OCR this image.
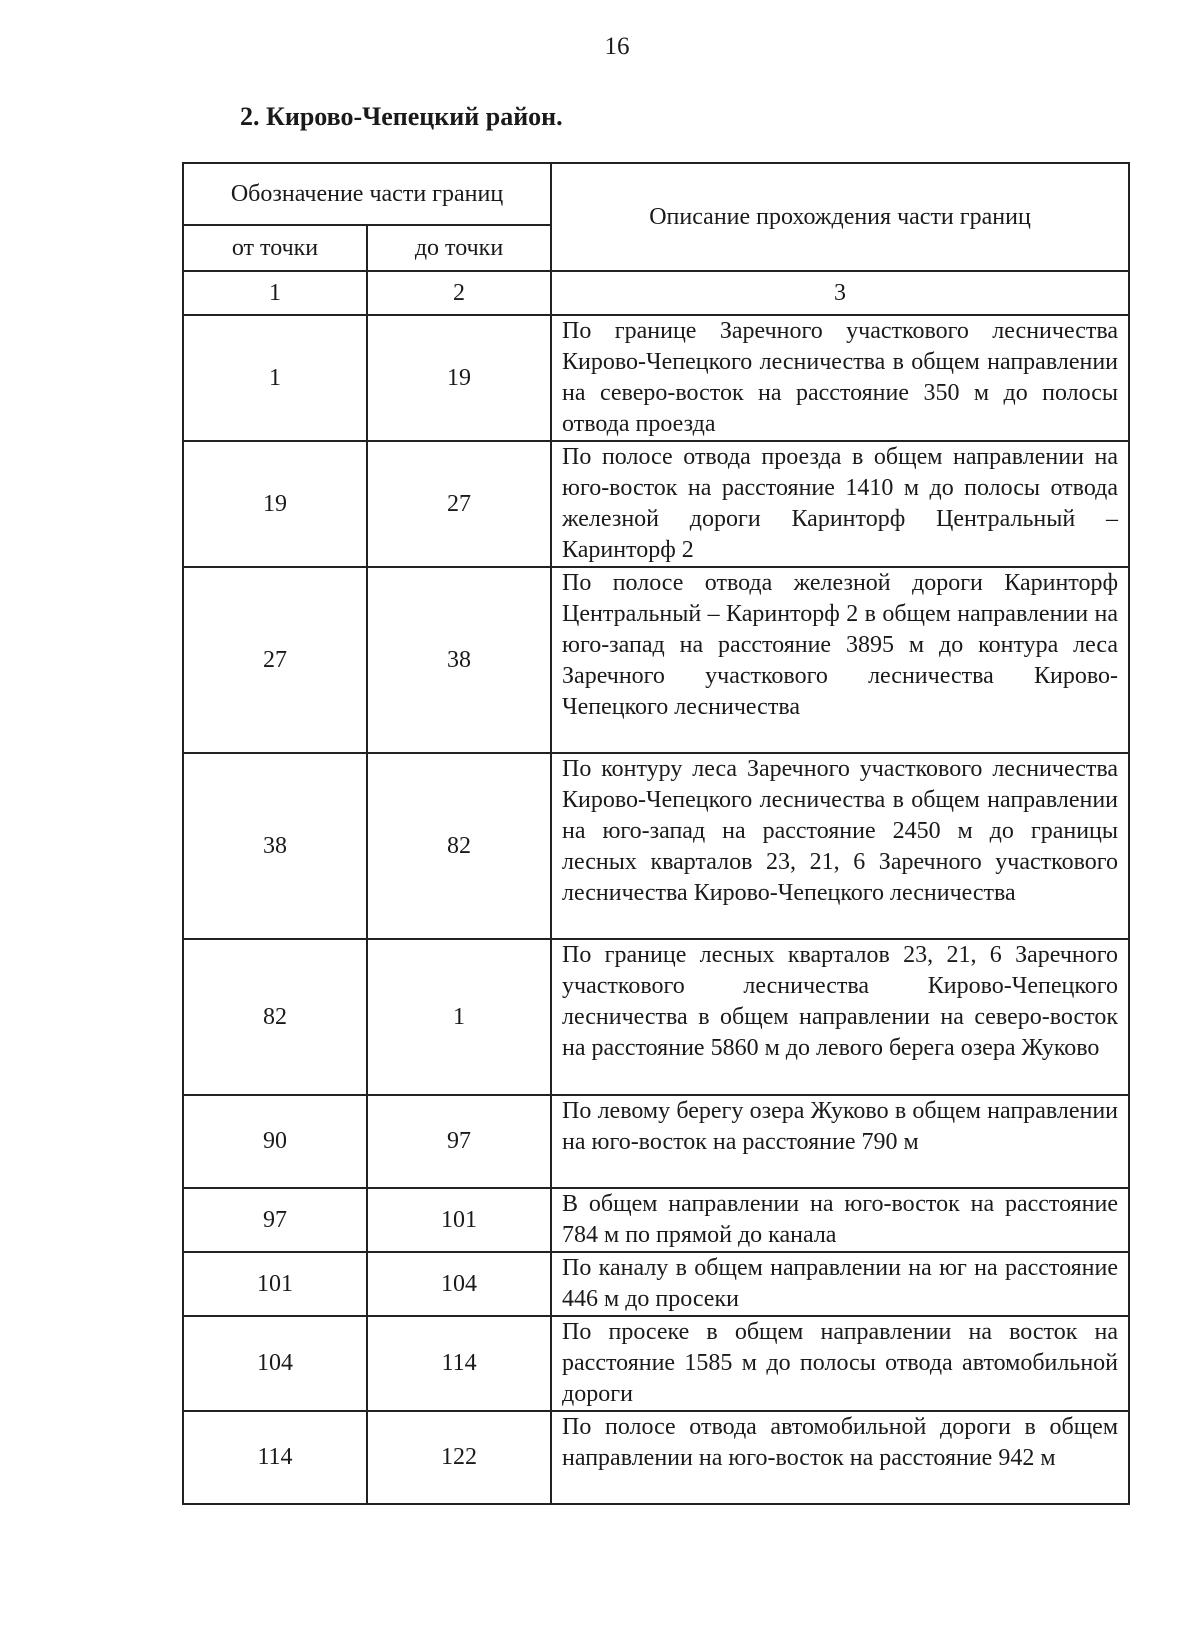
16
2. Кирово-Чепецкий район.
Обозначение части границ		Описание прохождения части границ
от точки	до точки	
1	2	3
1	19	По границе Заречного участкового лесничества Кирово-Чепецкого лесничества в общем направлении на северо-восток на расстояние 350 м до полосы отвода проезда
19	27	По полосе отвода проезда в общем направлении на юго-восток на расстояние 1410 м до полосы отвода железной дороги Каринторф Центральный – Каринторф 2
27	38	По полосе отвода железной дороги Каринторф Центральный – Каринторф 2 в общем направлении на юго-запад на расстояние 3895 м до контура леса Заречного участкового лесничества Кирово-Чепецкого лесничества
38	82	По контуру леса Заречного участкового лесничества Кирово-Чепецкого лесничества в общем направлении на юго-запад на расстояние 2450 м до границы лесных кварталов 23, 21, 6 Заречного участкового лесничества Кирово-Чепецкого лесничества
82	1	По границе лесных кварталов 23, 21, 6 Заречного участкового лесничества Кирово-Чепецкого лесничества в общем направлении на северо-восток на расстояние 5860 м до левого берега озера Жуково
90	97	По левому берегу озера Жуково в общем направлении на юго-восток на расстояние 790 м
97	101	В общем направлении на юго-восток на расстояние 784 м по прямой до канала
101	104	По каналу в общем направлении на юг на расстояние 446 м до просеки
104	114	По просеке в общем направлении на восток на расстояние 1585 м до полосы отвода автомобильной дороги
114	122	По полосе отвода автомобильной дороги в общем направлении на юго-восток на расстояние 942 м
